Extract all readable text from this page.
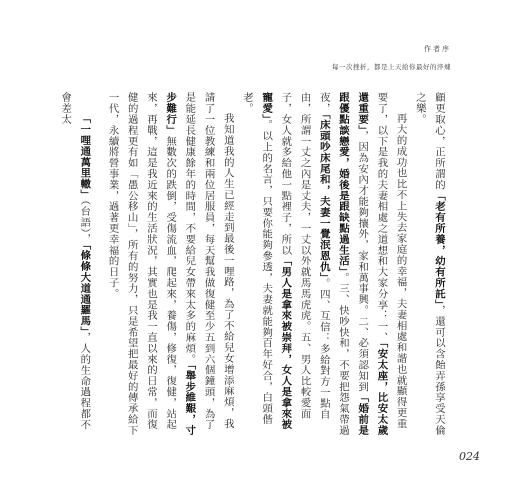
作者序
每一次挫折，都是上天給你最好的淬煉

顧更取心，正所謂的「老有所養，幼有所託」，還可以含飴弄孫享受天倫之樂。

再大的成功也比不上失去家庭的幸福，夫妻相處和諧也就顯得更重要了，以下是我的夫妻相處之道想和大家分享：一、「安太座，比安太歲還重要」，因為安內才能夠攘外，家和萬事興。二、必須認知到「婚前是跟優點談戀愛，婚後是跟缺點過生活」。三、快吵快和，不要把怨氣帶過夜，「床頭吵床尾和，夫妻一覺泯恩仇」。四、互信：多給對方一點自由，所謂一丈之內是丈夫，一丈以外就馬馬虎虎。五、男人比較愛面子，女人就多給他一點裡子，所以「男人是拿來被崇拜，女人是拿來被寵愛」。以上的名言，只要你能夠參透，夫妻就能夠百年好合，白頭偕老。

我知道我的人生已經走到最後一哩路，為了不給兒女增添麻煩，我請了一位教練和兩位居服員，每天幫我做復健至少五到六個鐘頭，為了是能延長健康餘年的時間，不要給兒女帶來太多的麻煩。「舉步維艱，寸步難行」無數次的跌倒，受傷流血，爬起來，養傷，修復，復健，站起來，再戰，這是我近來的生活狀況，其實也是我一直以來的日常，而復健的過程更有如「愚公移山」，所有的努力，只是希望把最好的傳承給下一代，永續將營事業，過著更幸福的日子。

「一哩通萬里轍」（台語），「條條大道通羅馬」，人的生命過程都不會差太

024
